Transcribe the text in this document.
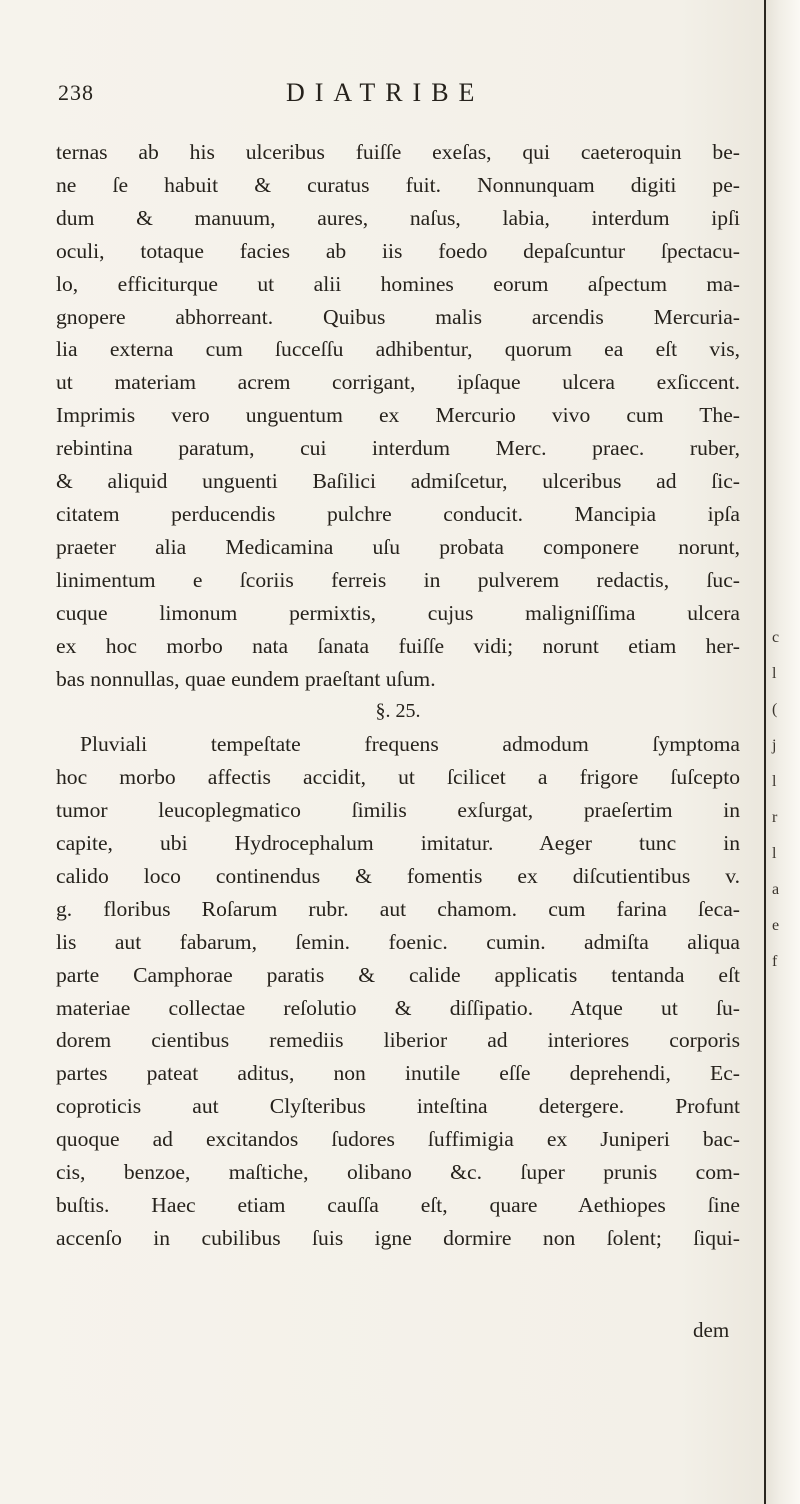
238	DIATRIBE
ternas ab his ulceribus fuiſſe exeſas, qui caeteroquin be-
ne ſe habuit & curatus fuit. Nonnunquam digiti pe-
dum & manuum, aures, naſus, labia, interdum ipſi
oculi, totaque facies ab iis foedo depaſcuntur ſpectacu-
lo, efficiturque ut alii homines eorum aſpectum ma-
gnopere abhorreant. Quibus malis arcendis Mercuria-
lia externa cum ſucceſſu adhibentur, quorum ea eſt vis,
ut materiam acrem corrigant, ipſaque ulcera exſiccent.
Imprimis vero unguentum ex Mercurio vivo cum The-
rebintina paratum, cui interdum Merc. praec. ruber,
& aliquid unguenti Baſilici admiſcetur, ulceribus ad ſic-
citatem perducendis pulchre conducit. Mancipia ipſa
praeter alia Medicamina uſu probata componere norunt,
linimentum e ſcoriis ferreis in pulverem redactis, ſuc-
cuque limonum permixtis, cujus maligniſſima ulcera
ex hoc morbo nata ſanata fuiſſe vidi; norunt etiam her-
bas nonnullas, quae eundem praeſtant uſum.
§. 25.
Pluviali tempeſtate frequens admodum ſymptoma
hoc morbo affectis accidit, ut ſcilicet a frigore ſuſcepto
tumor leucoplegmatico ſimilis exſurgat, praeſertim in
capite, ubi Hydrocephalum imitatur. Aeger tunc in
calido loco continendus & fomentis ex diſcutientibus v.
g. floribus Roſarum rubr. aut chamom. cum farina ſeca-
lis aut fabarum, ſemin. foenic. cumin. admiſta aliqua
parte Camphorae paratis & calide applicatis tentanda eſt
materiae collectae reſolutio & diſſipatio. Atque ut ſu-
dorem cientibus remediis liberior ad interiores corporis
partes pateat aditus, non inutile eſſe deprehendi, Ec-
coproticis aut Clyſteribus inteſtina detergere. Profunt
quoque ad excitandos ſudores ſuffimigia ex Juniperi bac-
cis, benzoe, maſtiche, olibano &c. ſuper prunis com-
buſtis. Haec etiam cauſſa eſt, quare Aethiopes ſine
accenſo in cubilibus ſuis igne dormire non ſolent; ſiqui-
dem
c
l
(
j
l
r
l
a
e
f
